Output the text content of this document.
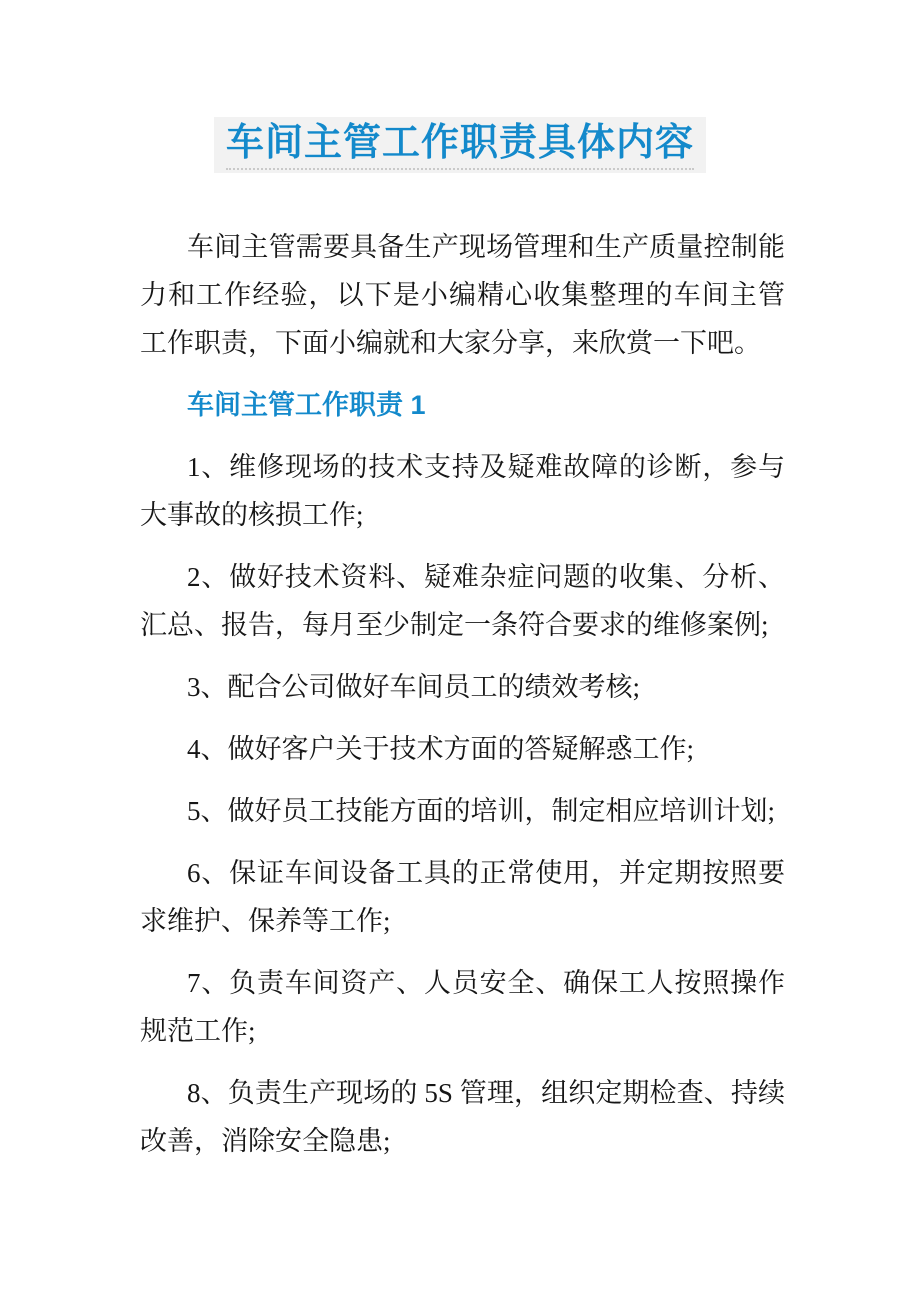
车间主管工作职责具体内容

车间主管需要具备生产现场管理和生产质量控制能力和工作经验，以下是小编精心收集整理的车间主管工作职责，下面小编就和大家分享，来欣赏一下吧。

车间主管工作职责 1

1、维修现场的技术支持及疑难故障的诊断，参与大事故的核损工作;

2、做好技术资料、疑难杂症问题的收集、分析、汇总、报告，每月至少制定一条符合要求的维修案例;

3、配合公司做好车间员工的绩效考核;

4、做好客户关于技术方面的答疑解惑工作;

5、做好员工技能方面的培训，制定相应培训计划;

6、保证车间设备工具的正常使用，并定期按照要求维护、保养等工作;

7、负责车间资产、人员安全、确保工人按照操作规范工作;

8、负责生产现场的 5S 管理，组织定期检查、持续改善，消除安全隐患;
